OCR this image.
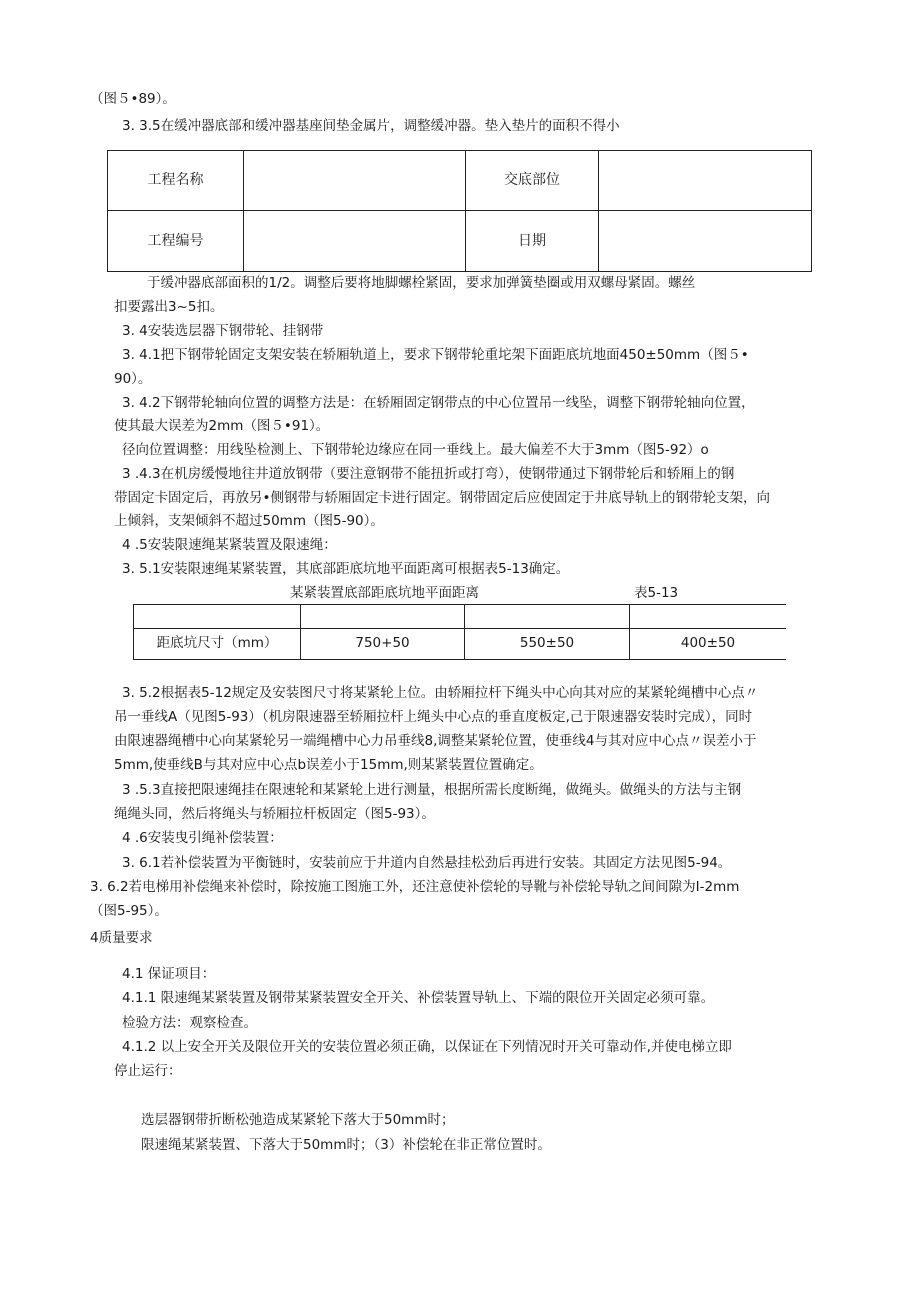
（图５•89）。
3. 3.5在缓冲器底部和缓冲器基座间垫金属片，调整缓冲器。垫入垫片的面积不得小
工程名称		交底部位	
工程编号		日期	
于缓冲器底部面积的1/2。调整后要将地脚螺栓紧固，要求加弹簧垫圈或用双螺母紧固。螺丝
扣要露出3~5扣。
3. 4安装选层器下钢带轮、挂钢带
3. 4.1把下钢带轮固定支架安装在轿厢轨道上，要求下钢带轮重坨架下面距底坑地面450±50mm（图５•
90）。
3. 4.2下钢带轮轴向位置的调整方法是：在轿厢固定钢带点的中心位置吊一线坠，调整下钢带轮轴向位置，
使其最大误差为2mm（图５•91）。
径向位置调整：用线坠检测上、下钢带轮边缘应在同一垂线上。最大偏差不大于3mm（图5-92）o
3 .4.3在机房缓慢地往井道放钢带（要注意钢带不能扭折或打弯），使钢带通过下钢带轮后和轿厢上的钢
带固定卡固定后，再放另•侧钢带与轿厢固定卡进行固定。钢带固定后应使固定于井底导轨上的钢带轮支架，向
上倾斜，支架倾斜不超过50mm（图5-90）。
4 .5安装限速绳某紧装置及限速绳：
3. 5.1安装限速绳某紧装置，其底部距底坑地平面距离可根据表5-13确定。
某紧装置底部距底坑地平面距离	表5-13

距底坑尺寸（mm）	750+50	550±50	400±50
3. 5.2根据表5-12规定及安装图尺寸将某紧轮上位。由轿厢拉杆下绳头中心向其对应的某紧轮绳槽中心点〃
吊一垂线A（见图5-93）（机房限速器至轿厢拉杆上绳头中心点的垂直度板定,己于限速器安装时完成），同时
由限速器绳槽中心向某紧轮另一端绳槽中心力吊垂线8,调整某紧轮位置，使垂线4与其对应中心点〃误差小于
5mm,使垂线B与其对应中心点b误差小于15mm,则某紧装置位置确定。
3 .5.3直接把限速绳挂在限速轮和某紧轮上进行测量，根据所需长度断绳，做绳头。做绳头的方法与主钢
绳绳头同，然后将绳头与轿厢拉杆板固定（图5-93）。
4 .6安装曳引绳补偿装置：
3. 6.1若补偿装置为平衡链时，安装前应于井道内自然悬挂松劲后再进行安装。其固定方法见图5-94。
3. 6.2若电梯用补偿绳来补偿时，除按施工图施工外，还注意使补偿轮的导靴与补偿轮导轨之间间隙为I-2mm
（图5-95）。
4质量要求
4.1 保证项目：
4.1.1 限速绳某紧装置及钢带某紧装置安全开关、补偿装置导轨上、下端的限位开关固定必须可靠。
检验方法：观察检查。
4.1.2 以上安全开关及限位开关的安装位置必须正确，以保证在下列情况时开关可靠动作,并使电梯立即
停止运行：
选层器钢带折断松弛造成某紧轮下落大于50mm时；
限速绳某紧装置、下落大于50mm时；（3）补偿轮在非正常位置时。
